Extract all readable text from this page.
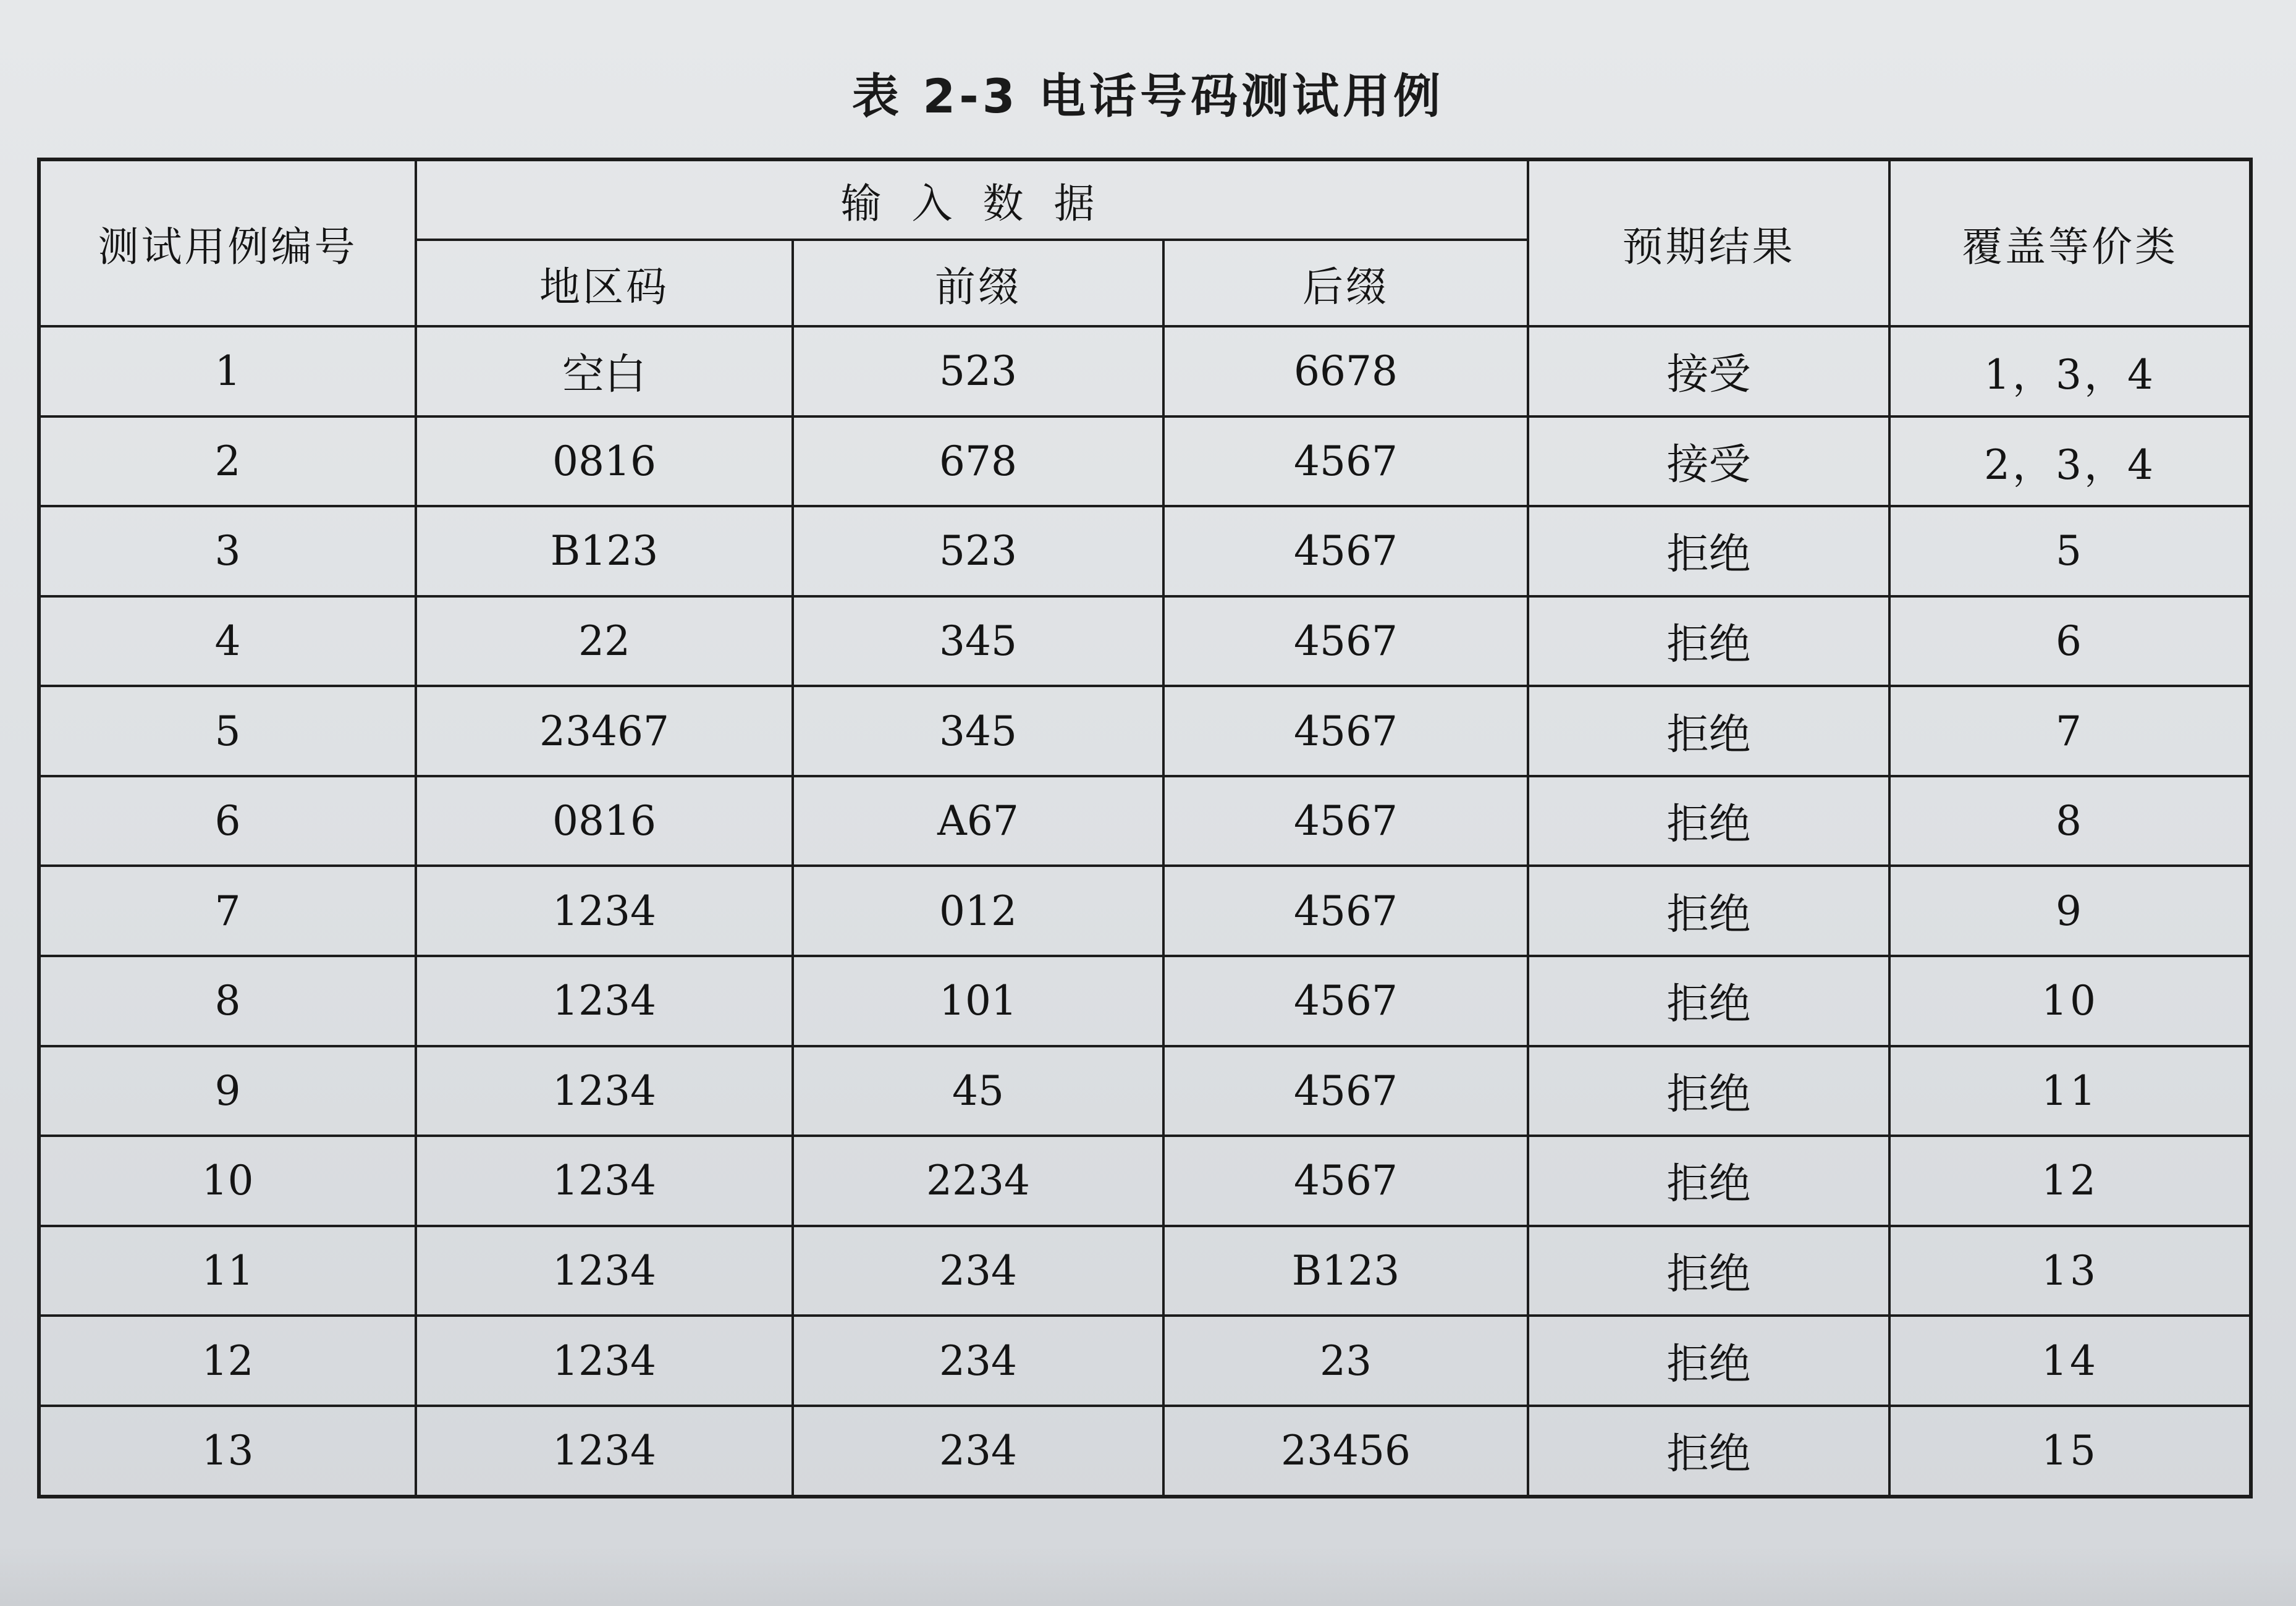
表 2-3 电话号码测试用例
测试用例编号	输 入 数 据			预期结果	覆盖等价类
	地区码	前缀	后缀		
1	空白	523	6678	接受	1，3，4
2	0816	678	4567	接受	2，3，4
3	B123	523	4567	拒绝	5
4	22	345	4567	拒绝	6
5	23467	345	4567	拒绝	7
6	0816	A67	4567	拒绝	8
7	1234	012	4567	拒绝	9
8	1234	101	4567	拒绝	10
9	1234	45	4567	拒绝	11
10	1234	2234	4567	拒绝	12
11	1234	234	B123	拒绝	13
12	1234	234	23	拒绝	14
13	1234	234	23456	拒绝	15
